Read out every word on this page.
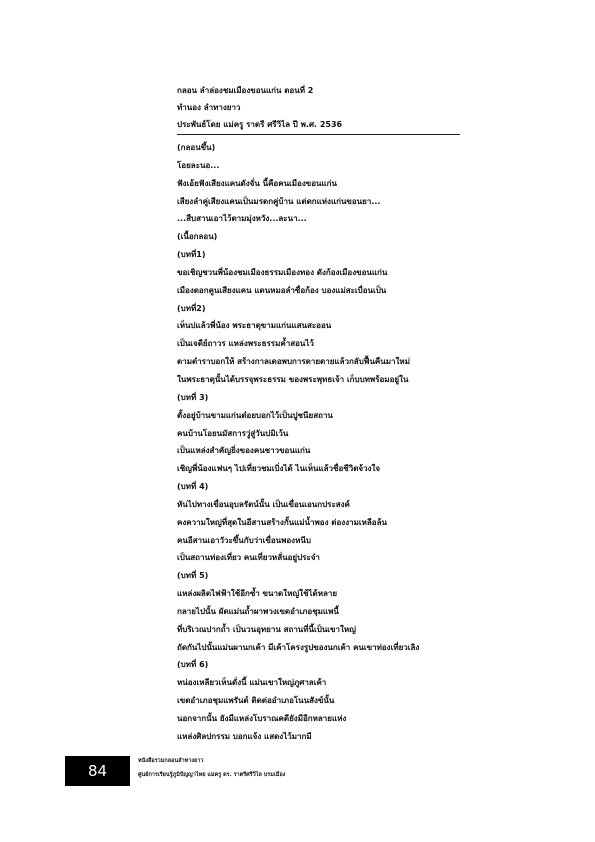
กลอน ลำล่องชมเมืองขอนแก่น ตอนที่ 2
ทำนอง ลำทางยาว
ประพันธ์โดย แม่ครู ราตรี ศรีวิไล ปี พ.ศ. 2536
(กลอนขึ้น)
โอยละนอ...
ฟังเอ้ยฟังเสียงแคนดังจั่น นี้คือคนเมืองขอนแก่น
เสียงลำคู่เสียงแคนเป็นมรดกคู่บ้าน แต่ดกแห่งแก่นขอนยา...
...สืบสานเอาไว้ตามมุ่งหวัง...ละนา...
(เนื้อกลอน)
(บทที่1)
ขอเชิญชวนพี่น้องชมเมืองธรรมเมืองทอง ดังก้องเมืองขอนแก่น
เมืองดอกคูนเสียงแคน แดนหมอลำซื่อก้อง บองแม่สะเบื่อนเป็น
(บทที่2)
เห็นบ่แล้วพี่น้อง พระธาตุขามแก่นแสนสะออน
เป็นเจดีย์ถาวร แหล่งพระธรรมค้ำสอนไว้
ตามตำราบอกให้ สร้างกาลเดอพบการตายตายแล้วกลับฟื้นคืนมาใหม่
ในพระธาตุนั้นได้บรรจุพระธรรม ของพระพุทธเจ้า เก็บบทพร้อมอยู่ใน
(บทที่ 3)
ตั้งอยู่บ้านขามแก่นต๋อยบอกไว้เป็นปูชนียสถาน
คนบ้านโอยนมัสการวู่สู่วันบ่มิเว้น
เป็นแหล่งสำคัญยิ่งของคนชาวขอนแก่น
เชิญพี่น้องแฟนๆ ไปเที่ยวชมเบิ่งได้ ไนเห็นแล้วชื่อชีวิตจ้วงใจ
(บทที่ 4)
หันไปทางเขื่อนอุบลรัตน์นั้น เป็นเขื่อนเอนกประสงค์
คงความใหญ่ที่สุดในอีสานสร้างกั้นแม่น้ำพอง ต่องงามเหลือล้น
คนอีสานเอาวัวะขึ้นกับว่าเขื่อนพองหนีบ
เป็นสถานท่องเที่ยว คนเที่ยวหลั่นอยู่ประจำ
(บทที่ 5)
แหล่งผลิตไฟฟ้าใช้อีกซ้ำ ขนาดใหญ่ใช้ได้หลาย
กลายไปนั้น ผัดแม่นถ้ำผาพวงเขตอำเภอชุมแพนี้
ที่บริเวณปากถ้ำ เป็นวนอุทยาน สถานที่นี้เป็นเขาใหญ่
ถัดกันไปนั้นแม่นผานกเค้า มีเค้าโครงรูปของนกเค้า คนเขาท่องเที่ยวเลิง
(บทที่ 6)
หน่องเหลียวเห็นดั่งนี้ แม่นเขาใหญ่ภูศาลเค้า
เขตอำเภอชุมแพรันต์ ติดต่ออำเภอโนนสังข์นั้น
นอกจากนั้น ยังมีแหล่งโบราณคดียังมีอีกหลายแห่ง
แหล่งศิลปกรรม บอกแจ้ง แสดงไว้มากมี
84
หนังสือรวมกลอนลำทางยาว
ศูนย์การเรียนรู้ภูมิปัญญาไทย แม่ครู ดร. ราตรีศรีวิไล บรมเมือง
